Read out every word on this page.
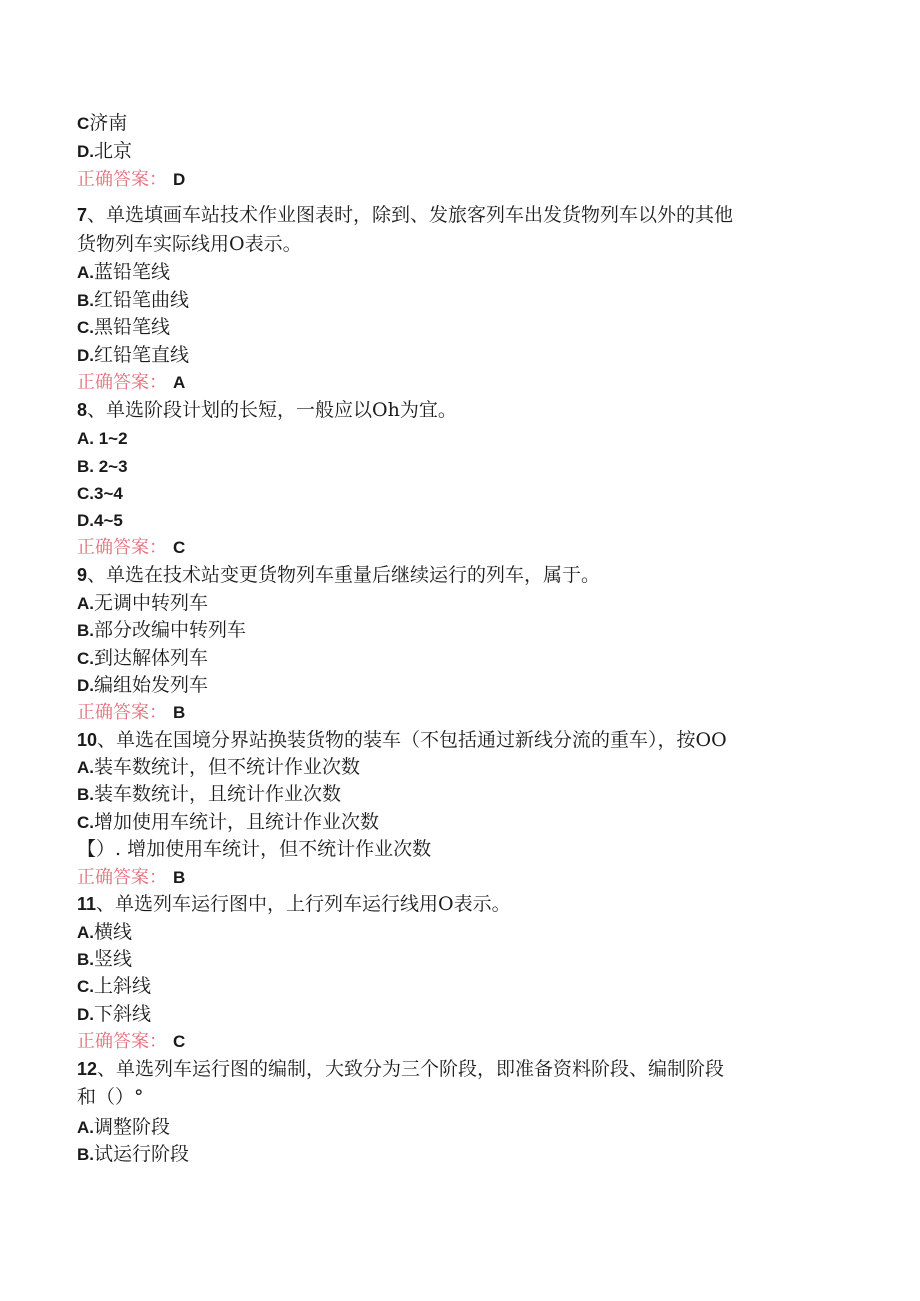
C济南
D.北京
正确答案： D
7、单选填画车站技术作业图表时，除到、发旅客列车出发货物列车以外的其他
货物列车实际线用O表示。
A.蓝铅笔线
B.红铅笔曲线
C.黑铅笔线
D.红铅笔直线
正确答案： A
8、单选阶段计划的长短，一般应以Oh为宜。
A. 1~2
B. 2~3
C.3~4
D.4~5
正确答案： C
9、单选在技术站变更货物列车重量后继续运行的列车，属于。
A.无调中转列车
B.部分改编中转列车
C.到达解体列车
D.编组始发列车
正确答案： B
10、单选在国境分界站换装货物的装车（不包括通过新线分流的重车），按OO
A.装车数统计，但不统计作业次数
B.装车数统计，且统计作业次数
C.增加使用车统计，且统计作业次数
【）. 增加使用车统计，但不统计作业次数
正确答案： B
11、单选列车运行图中，上行列车运行线用O表示。
A.横线
B.竖线
C.上斜线
D.下斜线
正确答案： C
12、单选列车运行图的编制，大致分为三个阶段，即准备资料阶段、编制阶段
和（）°
A.调整阶段
B.试运行阶段
